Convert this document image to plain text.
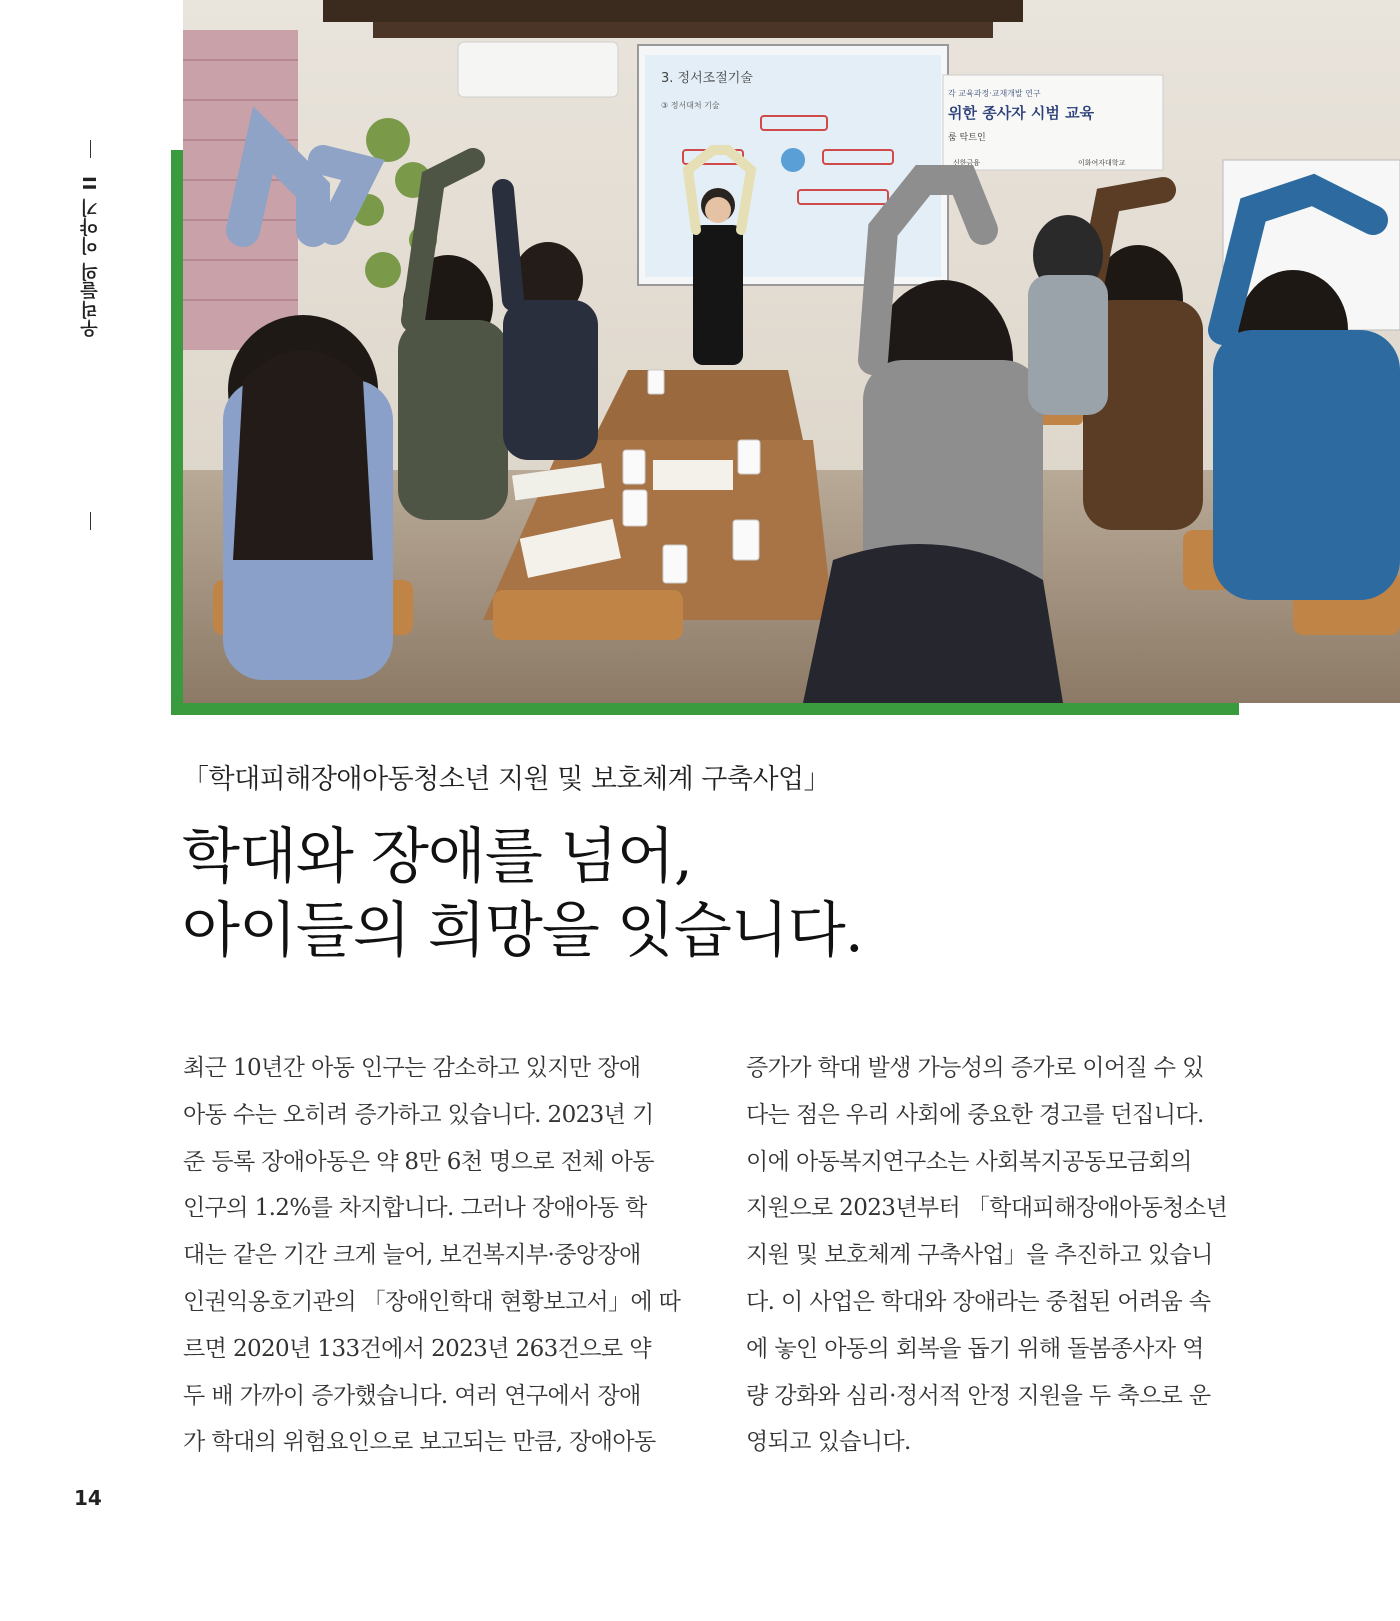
우리들의 이야기 II
3. 정서조절기술
③ 정서대처 기술
각 교육과정·교재개발 연구
위한 종사자 시범 교육
룸 탁트인
신한금융	이화여자대학교
「학대피해장애아동청소년 지원 및 보호체계 구축사업」
학대와 장애를 넘어,
아이들의 희망을 잇습니다.
최근 10년간 아동 인구는 감소하고 있지만 장애
아동 수는 오히려 증가하고 있습니다. 2023년 기
준 등록 장애아동은 약 8만 6천 명으로 전체 아동
인구의 1.2%를 차지합니다. 그러나 장애아동 학
대는 같은 기간 크게 늘어, 보건복지부·중앙장애
인권익옹호기관의 「장애인학대 현황보고서」에 따
르면 2020년 133건에서 2023년 263건으로 약
두 배 가까이 증가했습니다. 여러 연구에서 장애
가 학대의 위험요인으로 보고되는 만큼, 장애아동
증가가 학대 발생 가능성의 증가로 이어질 수 있
다는 점은 우리 사회에 중요한 경고를 던집니다.
이에 아동복지연구소는 사회복지공동모금회의
지원으로 2023년부터 「학대피해장애아동청소년
지원 및 보호체계 구축사업」을 추진하고 있습니
다. 이 사업은 학대와 장애라는 중첩된 어려움 속
에 놓인 아동의 회복을 돕기 위해 돌봄종사자 역
량 강화와 심리·정서적 안정 지원을 두 축으로 운
영되고 있습니다.
14
